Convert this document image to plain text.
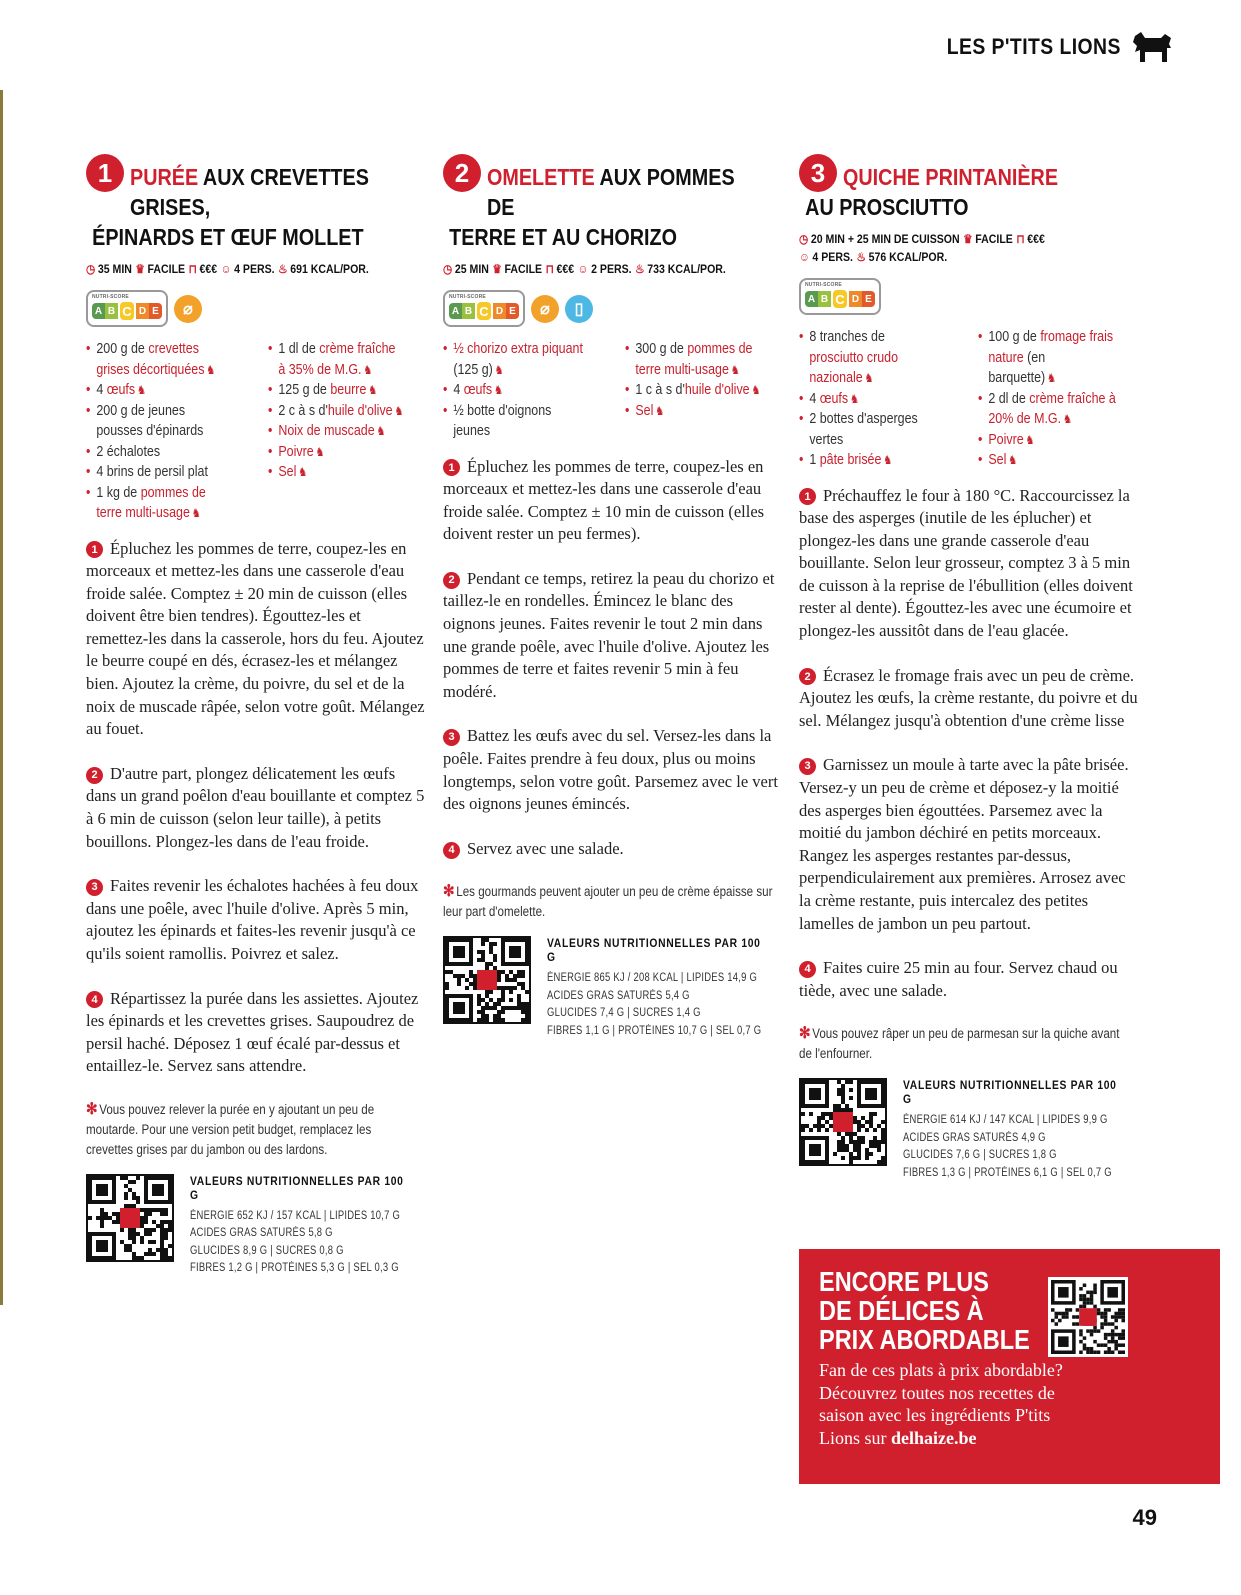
LES P'TITS LIONS
1 PURÉE AUX CREVETTES GRISES,
ÉPINARDS ET ŒUF MOLLET
◷ 35 MIN ♛ FACILE ⊓ €€€ ☺ 4 PERS. ♨ 691 KCAL/POR.
NUTRI-SCORE
A B C D E	⌀
• 200 g de crevettes grises décortiquées ♞
• 4 œufs ♞
• 200 g de jeunes pousses d'épinards
• 2 échalotes
• 4 brins de persil plat
• 1 kg de pommes de terre multi-usage ♞
• 1 dl de crème fraîche à 35% de M.G. ♞
• 125 g de beurre ♞
• 2 c à s d'huile d'olive ♞
• Noix de muscade ♞
• Poivre ♞
• Sel ♞

1 Épluchez les pommes de terre, coupez-les en morceaux et mettez-les dans une casserole d'eau froide salée. Comptez ± 20 min de cuisson (elles doivent être bien tendres). Égouttez-les et remettez-les dans la casserole, hors du feu. Ajoutez le beurre coupé en dés, écrasez-les et mélangez bien. Ajoutez la crème, du poivre, du sel et de la noix de muscade râpée, selon votre goût. Mélangez au fouet.

2 D'autre part, plongez délicatement les œufs dans un grand poêlon d'eau bouillante et comptez 5 à 6 min de cuisson (selon leur taille), à petits bouillons. Plongez-les dans de l'eau froide.

3 Faites revenir les échalotes hachées à feu doux dans une poêle, avec l'huile d'olive. Après 5 min, ajoutez les épinards et faites-les revenir jusqu'à ce qu'ils soient ramollis. Poivrez et salez.

4 Répartissez la purée dans les assiettes. Ajoutez les épinards et les crevettes grises. Saupoudrez de persil haché. Déposez 1 œuf écalé par-dessus et entaillez-le. Servez sans attendre.

✻ Vous pouvez relever la purée en y ajoutant un peu de moutarde. Pour une version petit budget, remplacez les crevettes grises par du jambon ou des lardons.
VALEURS NUTRITIONNELLES PAR 100 G
ÉNERGIE 652 KJ / 157 KCAL | LIPIDES 10,7 G
ACIDES GRAS SATURÉS 5,8 G
GLUCIDES 8,9 G | SUCRES 0,8 G
FIBRES 1,2 G | PROTÉINES 5,3 G | SEL 0,3 G
2 OMELETTE AUX POMMES DE
TERRE ET AU CHORIZO
◷ 25 MIN ♛ FACILE ⊓ €€€ ☺ 2 PERS. ♨ 733 KCAL/POR.
NUTRI-SCORE
A B C D E	⌀	▯
• ½ chorizo extra piquant (125 g) ♞
• 4 œufs ♞
• ½ botte d'oignons jeunes
• 300 g de pommes de terre multi-usage ♞
• 1 c à s d'huile d'olive ♞
• Sel ♞

1 Épluchez les pommes de terre, coupez-les en morceaux et mettez-les dans une casserole d'eau froide salée. Comptez ± 10 min de cuisson (elles doivent rester un peu fermes).

2 Pendant ce temps, retirez la peau du chorizo et taillez-le en rondelles. Émincez le blanc des oignons jeunes. Faites revenir le tout 2 min dans une grande poêle, avec l'huile d'olive. Ajoutez les pommes de terre et faites revenir 5 min à feu modéré.

3 Battez les œufs avec du sel. Versez-les dans la poêle. Faites prendre à feu doux, plus ou moins longtemps, selon votre goût. Parsemez avec le vert des oignons jeunes émincés.

4 Servez avec une salade.

✻ Les gourmands peuvent ajouter un peu de crème épaisse sur leur part d'omelette.
VALEURS NUTRITIONNELLES PAR 100 G
ÉNERGIE 865 KJ / 208 KCAL | LIPIDES 14,9 G
ACIDES GRAS SATURÉS 5,4 G
GLUCIDES 7,4 G | SUCRES 1,4 G
FIBRES 1,1 G | PROTÉINES 10,7 G | SEL 0,7 G
3 QUICHE PRINTANIÈRE
AU PROSCIUTTO
◷ 20 MIN + 25 MIN DE CUISSON ♛ FACILE ⊓ €€€
☺ 4 PERS. ♨ 576 KCAL/POR.
NUTRI-SCORE
A B C D E
• 8 tranches de prosciutto crudo nazionale ♞
• 4 œufs ♞
• 2 bottes d'asperges vertes
• 1 pâte brisée ♞
• 100 g de fromage frais nature (en barquette) ♞
• 2 dl de crème fraîche à 20% de M.G. ♞
• Poivre ♞
• Sel ♞

1 Préchauffez le four à 180 °C. Raccourcissez la base des asperges (inutile de les éplucher) et plongez-les dans une grande casserole d'eau bouillante. Selon leur grosseur, comptez 3 à 5 min de cuisson à la reprise de l'ébullition (elles doivent rester al dente). Égouttez-les avec une écumoire et plongez-les aussitôt dans de l'eau glacée.

2 Écrasez le fromage frais avec un peu de crème. Ajoutez les œufs, la crème restante, du poivre et du sel. Mélangez jusqu'à obtention d'une crème lisse

3 Garnissez un moule à tarte avec la pâte brisée. Versez-y un peu de crème et déposez-y la moitié des asperges bien égouttées. Parsemez avec la moitié du jambon déchiré en petits morceaux. Rangez les asperges restantes par-dessus, perpendiculairement aux premières. Arrosez avec la crème restante, puis intercalez des petites lamelles de jambon un peu partout.

4 Faites cuire 25 min au four. Servez chaud ou tiède, avec une salade.

✻ Vous pouvez râper un peu de parmesan sur la quiche avant de l'enfourner.
VALEURS NUTRITIONNELLES PAR 100 G
ÉNERGIE 614 KJ / 147 KCAL | LIPIDES 9,9 G
ACIDES GRAS SATURÉS 4,9 G
GLUCIDES 7,6 G | SUCRES 1,8 G
FIBRES 1,3 G | PROTÉINES 6,1 G | SEL 0,7 G
ENCORE PLUS
DE DÉLICES À
PRIX ABORDABLE
Fan de ces plats à prix abordable? Découvrez toutes nos recettes de saison avec les ingrédients P'tits Lions sur delhaize.be
49
